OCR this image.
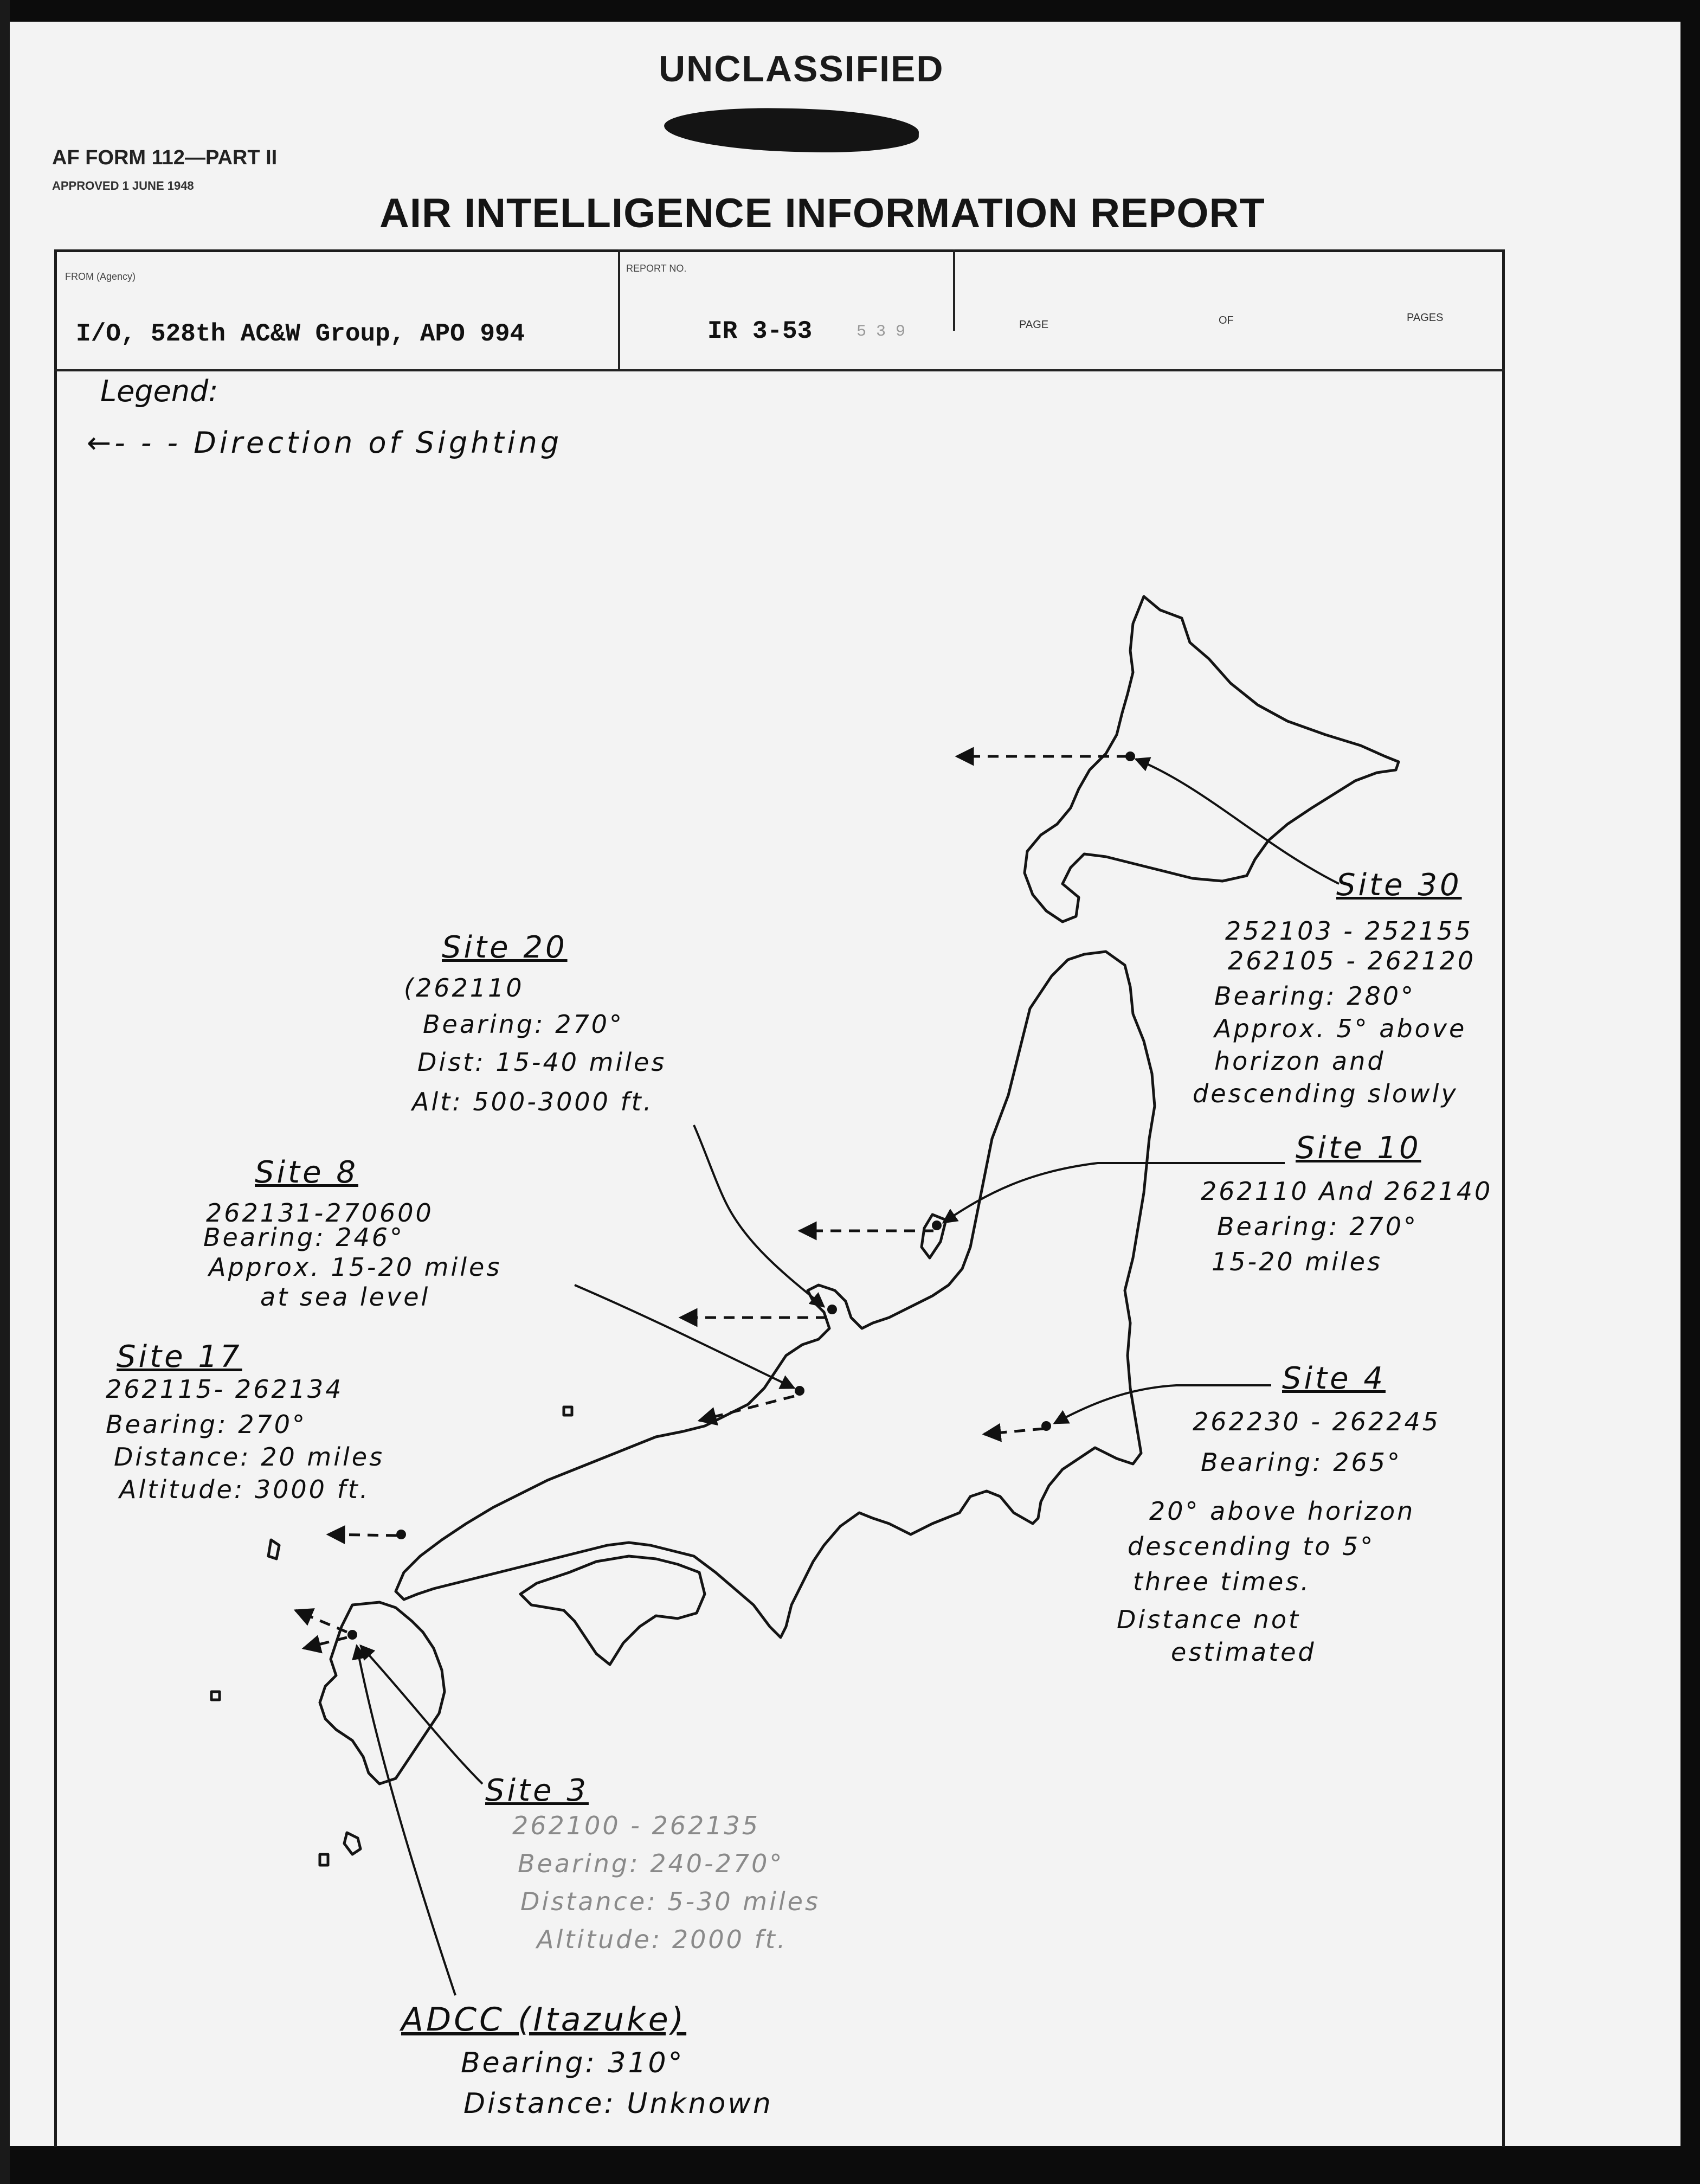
UNCLASSIFIED
AF FORM 112—PART II
APPROVED 1 JUNE 1948
AIR INTELLIGENCE INFORMATION REPORT
FROM (Agency)
I/O, 528th AC&W Group, APO 994
REPORT NO.
IR 3-53	5 3 9	PAGE	OF	PAGES
Legend:
←- - - Direction of Sighting
Site 20
(262110
Bearing: 270°
Dist: 15-40 miles
Alt: 500-3000 ft.
Site 30
252103 - 252155
262105 - 262120
Bearing: 280°
Approx. 5° above
horizon and
descending slowly
Site 10
262110 And 262140
Bearing: 270°
15-20 miles
Site 8
262131-270600
Bearing: 246°
Approx. 15-20 miles
at sea level
Site 17
262115- 262134
Bearing: 270°
Distance: 20 miles
Altitude: 3000 ft.
Site 4
262230 - 262245
Bearing: 265°
20° above horizon
descending to 5°
three times.
Distance not
estimated
Site 3
262100 - 262135
Bearing: 240-270°
Distance: 5-30 miles
Altitude: 2000 ft.
ADCC (Itazuke)
Bearing: 310°
Distance: Unknown
